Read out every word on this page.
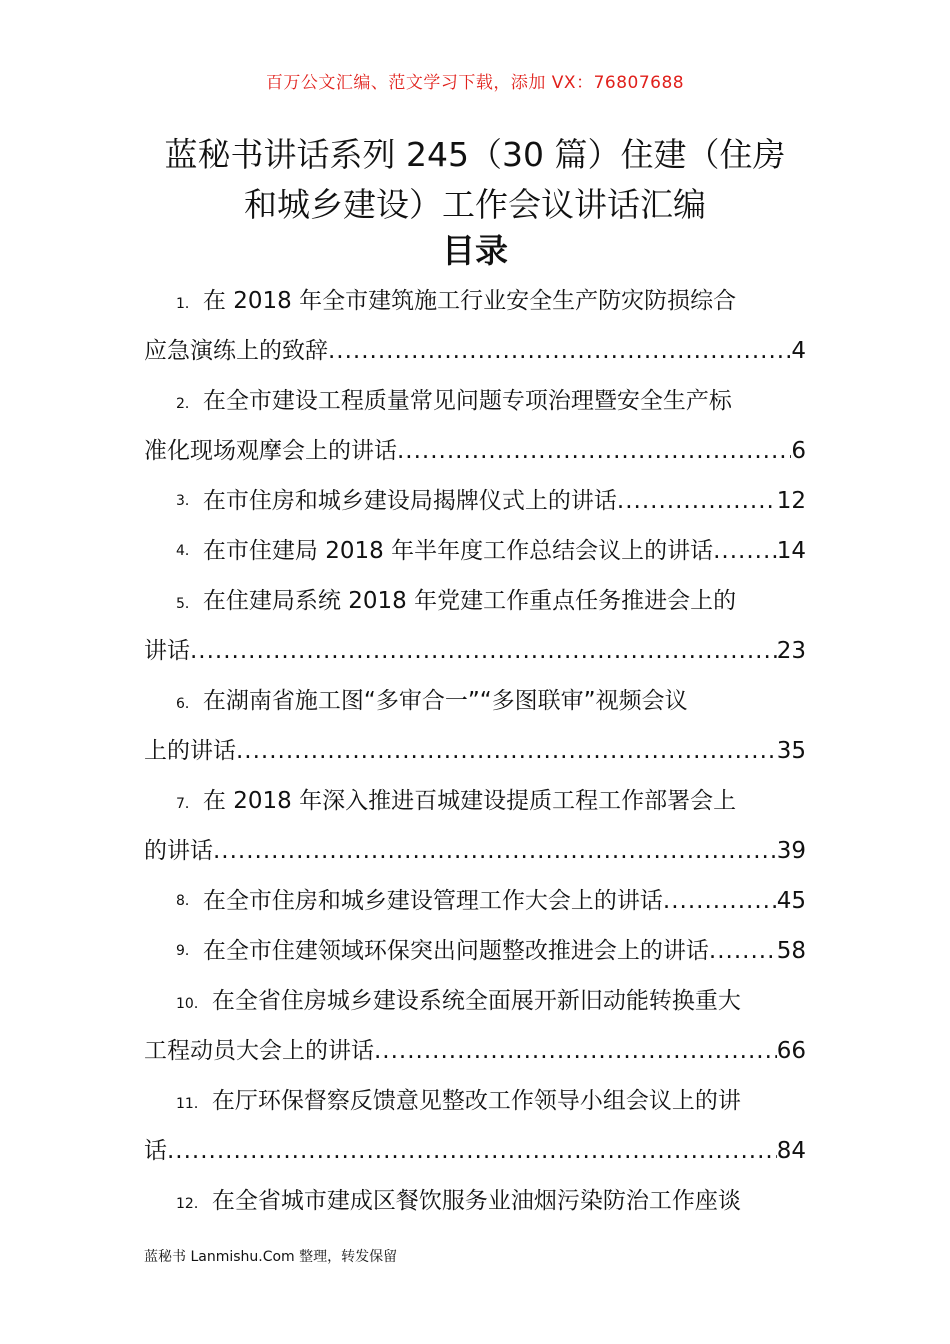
百万公文汇编、范文学习下载，添加 VX：76807688
蓝秘书讲话系列 245（30 篇）住建（住房
和城乡建设）工作会议讲话汇编
目录
1． 在 2018 年全市建筑施工行业安全生产防灾防损综合
应急演练上的致辞 .....	4
2． 在全市建设工程质量常见问题专项治理暨安全生产标
准化现场观摩会上的讲话 .....	6
3． 在市住房和城乡建设局揭牌仪式上的讲话 .....	12
4． 在市住建局 2018 年半年度工作总结会议上的讲话 .....	14
5． 在住建局系统 2018 年党建工作重点任务推进会上的
讲话 .....	23
6． 在湖南省施工图“多审合一”“多图联审”视频会议
上的讲话 .....	35
7． 在 2018 年深入推进百城建设提质工程工作部署会上
的讲话 .....	39
8． 在全市住房和城乡建设管理工作大会上的讲话 .....	45
9． 在全市住建领域环保突出问题整改推进会上的讲话 .....	58
10． 在全省住房城乡建设系统全面展开新旧动能转换重大
工程动员大会上的讲话 .....	66
11． 在厅环保督察反馈意见整改工作领导小组会议上的讲
话 .....	84
12． 在全省城市建成区餐饮服务业油烟污染防治工作座谈
蓝秘书 Lanmishu.Com 整理，转发保留
